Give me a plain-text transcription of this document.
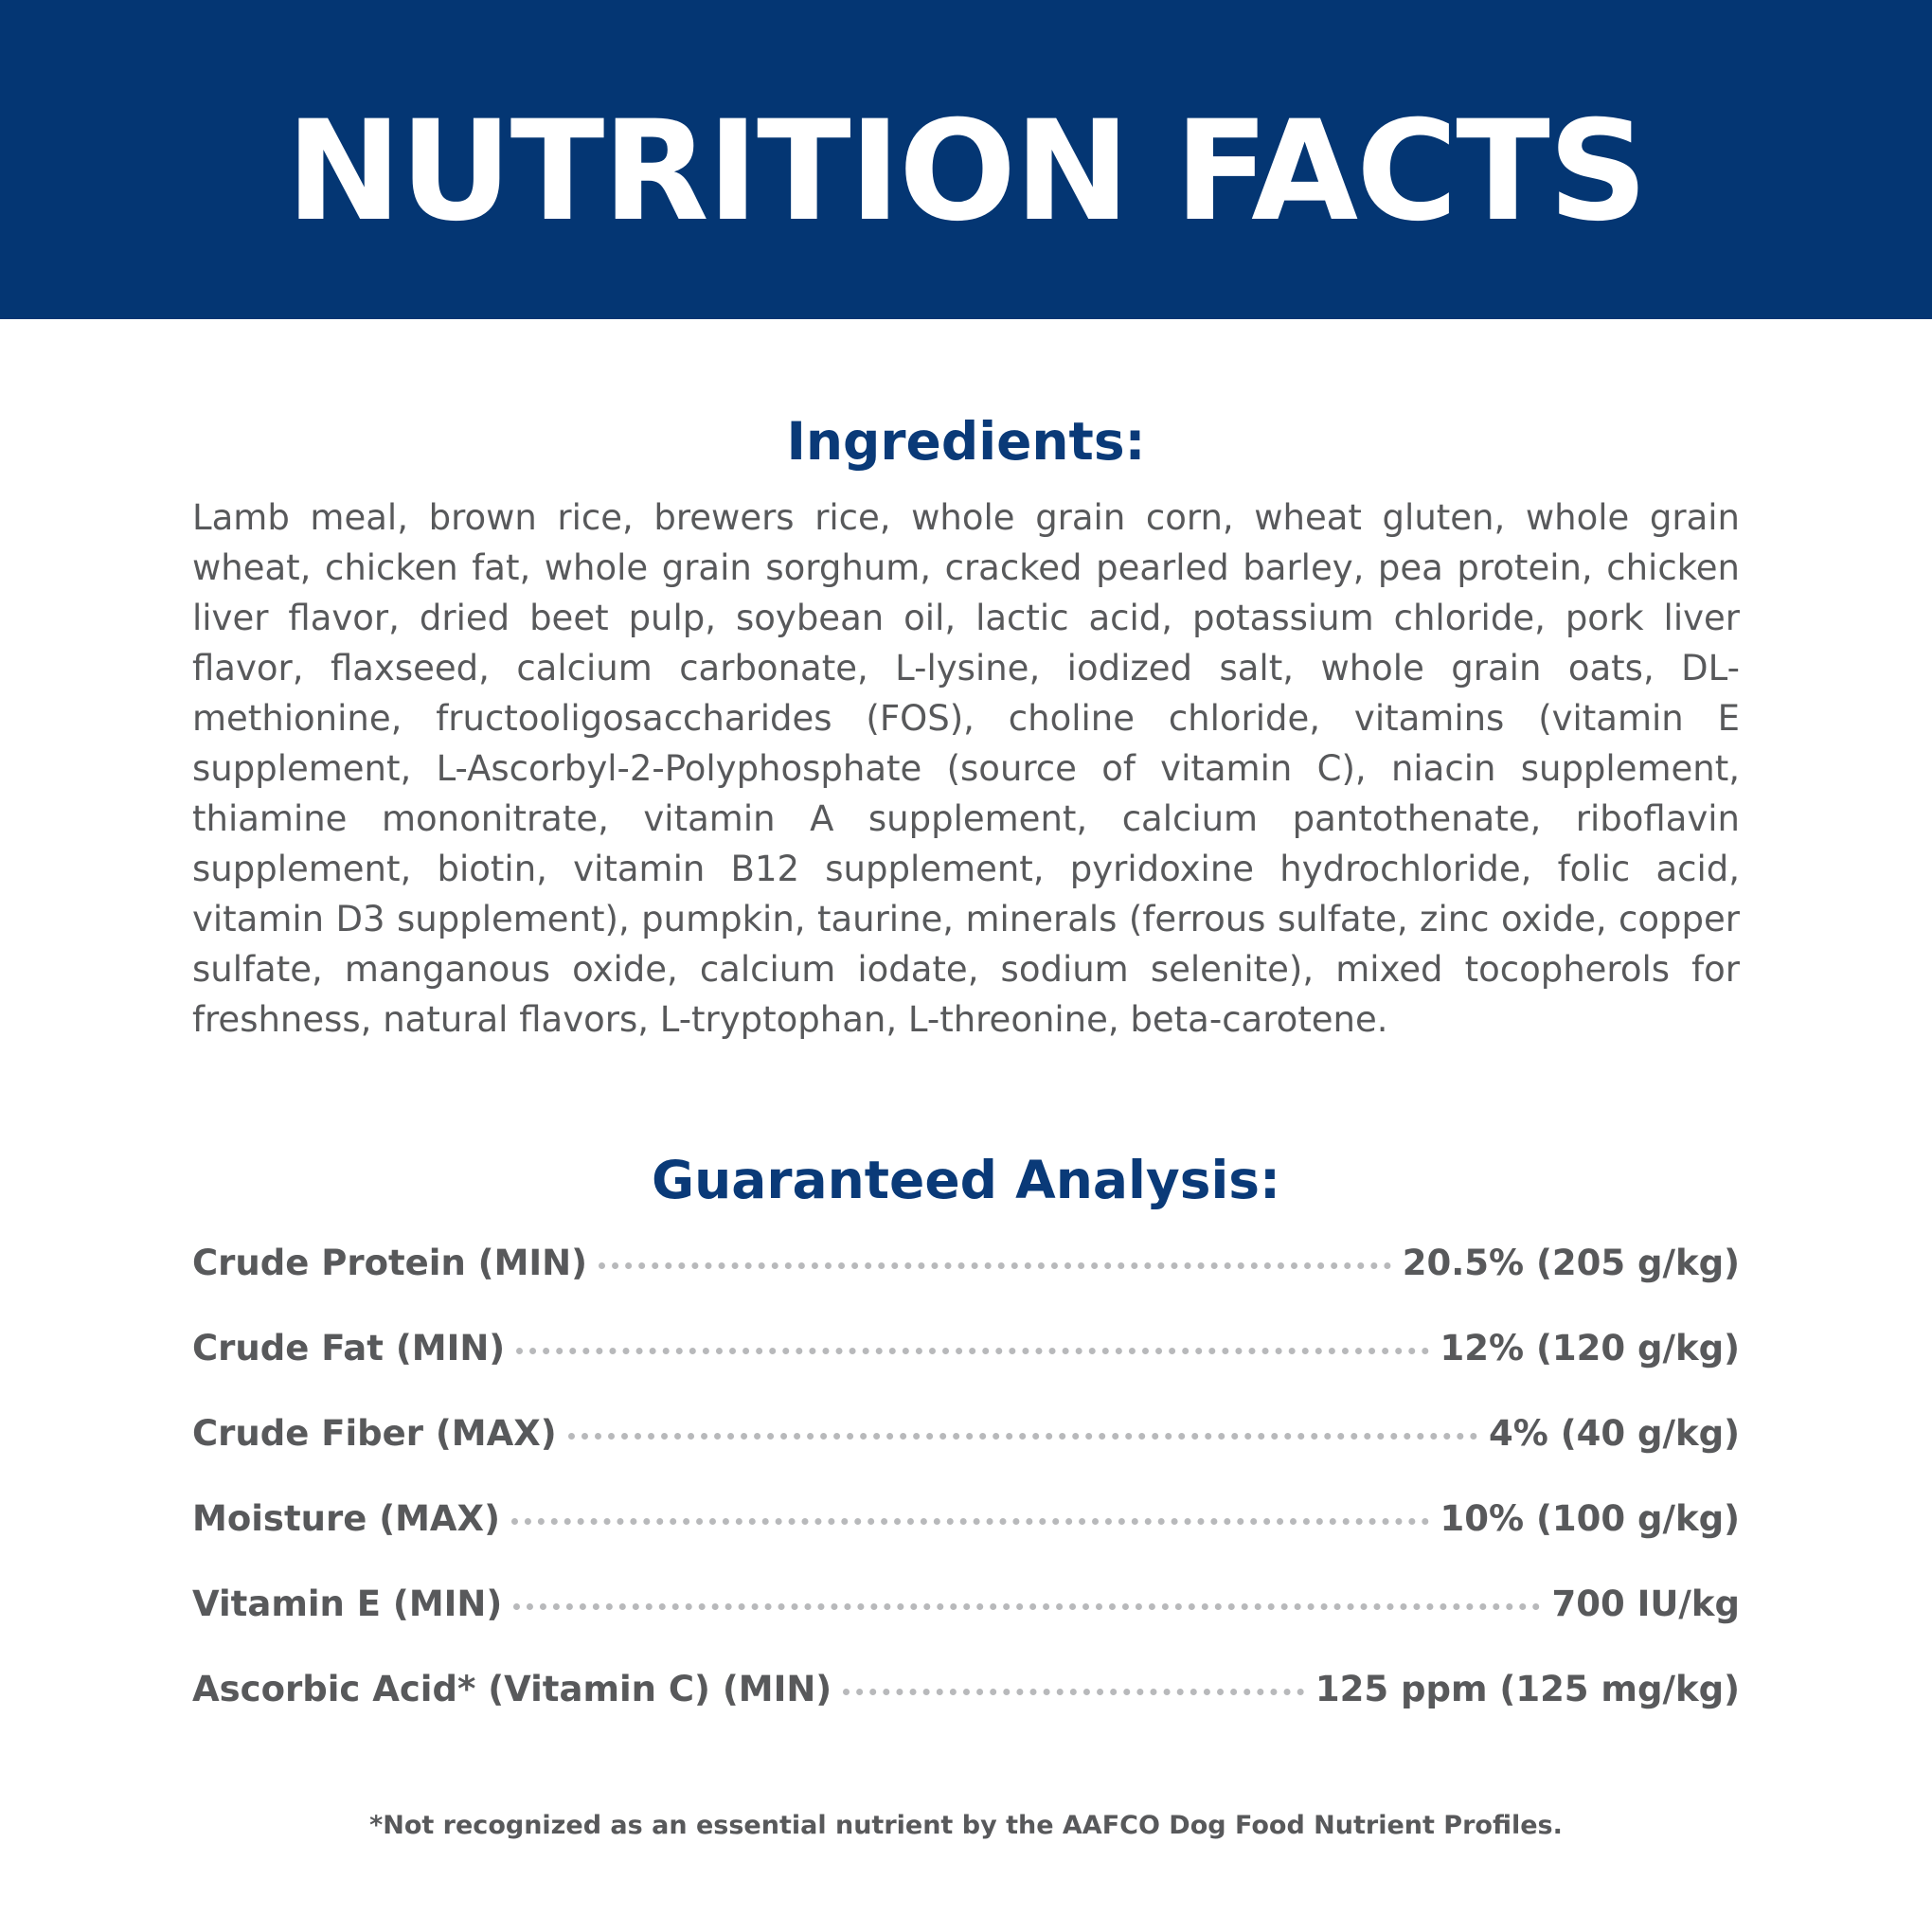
NUTRITION FACTS
Ingredients:

Lamb meal, brown rice, brewers rice, whole grain corn, wheat gluten, whole grain wheat, chicken fat, whole grain sorghum, cracked pearled barley, pea protein, chicken liver flavor, dried beet pulp, soybean oil, lactic acid, potassium chloride, pork liver flavor, flaxseed, calcium carbonate, L-lysine, iodized salt, whole grain oats, DL-methionine, fructooligosaccharides (FOS), choline chloride, vitamins (vitamin E supplement, L-Ascorbyl-2-Polyphosphate (source of vitamin C), niacin supplement, thiamine mononitrate, vitamin A supplement, calcium pantothenate, riboflavin supplement, biotin, vitamin B12 supplement, pyridoxine hydrochloride, folic acid, vitamin D3 supplement), pumpkin, taurine, minerals (ferrous sulfate, zinc oxide, copper sulfate, manganous oxide, calcium iodate, sodium selenite), mixed tocopherols for freshness, natural flavors, L-tryptophan, L-threonine, beta-carotene.

Guaranteed Analysis:
Crude Protein (MIN)	20.5% (205 g/kg)
Crude Fat (MIN)	12% (120 g/kg)
Crude Fiber (MAX)	4% (40 g/kg)
Moisture (MAX)	10% (100 g/kg)
Vitamin E (MIN)	700 IU/kg
Ascorbic Acid* (Vitamin C) (MIN)	125 ppm (125 mg/kg)
*Not recognized as an essential nutrient by the AAFCO Dog Food Nutrient Profiles.
